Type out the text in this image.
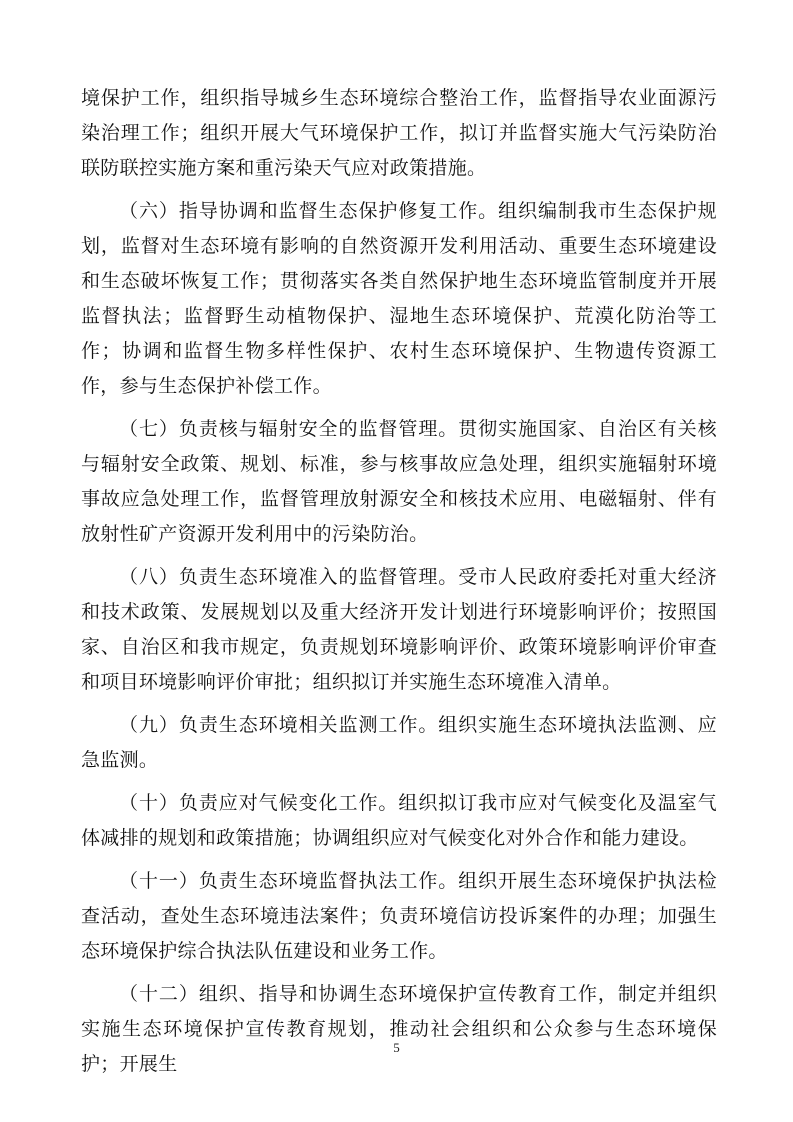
境保护工作，组织指导城乡生态环境综合整治工作，监督指导农业面源污染治理工作；组织开展大气环境保护工作，拟订并监督实施大气污染防治联防联控实施方案和重污染天气应对政策措施。

（六）指导协调和监督生态保护修复工作。组织编制我市生态保护规划，监督对生态环境有影响的自然资源开发利用活动、重要生态环境建设和生态破坏恢复工作；贯彻落实各类自然保护地生态环境监管制度并开展监督执法；监督野生动植物保护、湿地生态环境保护、荒漠化防治等工作；协调和监督生物多样性保护、农村生态环境保护、生物遗传资源工作，参与生态保护补偿工作。

（七）负责核与辐射安全的监督管理。贯彻实施国家、自治区有关核与辐射安全政策、规划、标准，参与核事故应急处理，组织实施辐射环境事故应急处理工作，监督管理放射源安全和核技术应用、电磁辐射、伴有放射性矿产资源开发利用中的污染防治。

（八）负责生态环境准入的监督管理。受市人民政府委托对重大经济和技术政策、发展规划以及重大经济开发计划进行环境影响评价；按照国家、自治区和我市规定，负责规划环境影响评价、政策环境影响评价审查和项目环境影响评价审批；组织拟订并实施生态环境准入清单。

（九）负责生态环境相关监测工作。组织实施生态环境执法监测、应急监测。

（十）负责应对气候变化工作。组织拟订我市应对气候变化及温室气体减排的规划和政策措施；协调组织应对气候变化对外合作和能力建设。

（十一）负责生态环境监督执法工作。组织开展生态环境保护执法检查活动，查处生态环境违法案件；负责环境信访投诉案件的办理；加强生态环境保护综合执法队伍建设和业务工作。

（十二）组织、指导和协调生态环境保护宣传教育工作，制定并组织实施生态环境保护宣传教育规划，推动社会组织和公众参与生态环境保护；开展生

5
